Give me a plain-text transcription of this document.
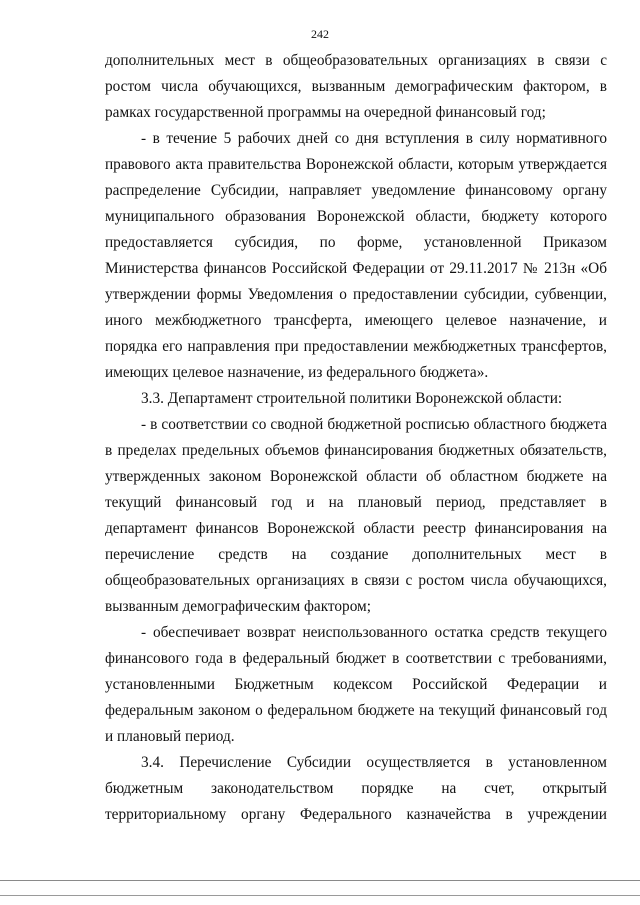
242

дополнительных мест в общеобразовательных организациях в связи с ростом числа обучающихся, вызванным демографическим фактором, в рамках государственной программы на очередной финансовый год;

- в течение 5 рабочих дней со дня вступления в силу нормативного правового акта правительства Воронежской области, которым утверждается распределение Субсидии, направляет уведомление финансовому органу муниципального образования Воронежской области, бюджету которого предоставляется субсидия, по форме, установленной Приказом Министерства финансов Российской Федерации от 29.11.2017 № 213н «Об утверждении формы Уведомления о предоставлении субсидии, субвенции, иного межбюджетного трансферта, имеющего целевое назначение, и порядка его направления при предоставлении межбюджетных трансфертов, имеющих целевое назначение, из федерального бюджета».

3.3. Департамент строительной политики Воронежской области:

- в соответствии со сводной бюджетной росписью областного бюджета в пределах предельных объемов финансирования бюджетных обязательств, утвержденных законом Воронежской области об областном бюджете на текущий финансовый год и на плановый период, представляет в департамент финансов Воронежской области реестр финансирования на перечисление средств на создание дополнительных мест в общеобразовательных организациях в связи с ростом числа обучающихся, вызванным демографическим фактором;

- обеспечивает возврат неиспользованного остатка средств текущего финансового года в федеральный бюджет в соответствии с требованиями, установленными Бюджетным кодексом Российской Федерации и федеральным законом о федеральном бюджете на текущий финансовый год и плановый период.

3.4. Перечисление Субсидии осуществляется в установленном бюджетным законодательством порядке на счет, открытый территориальному органу Федерального казначейства в учреждении
